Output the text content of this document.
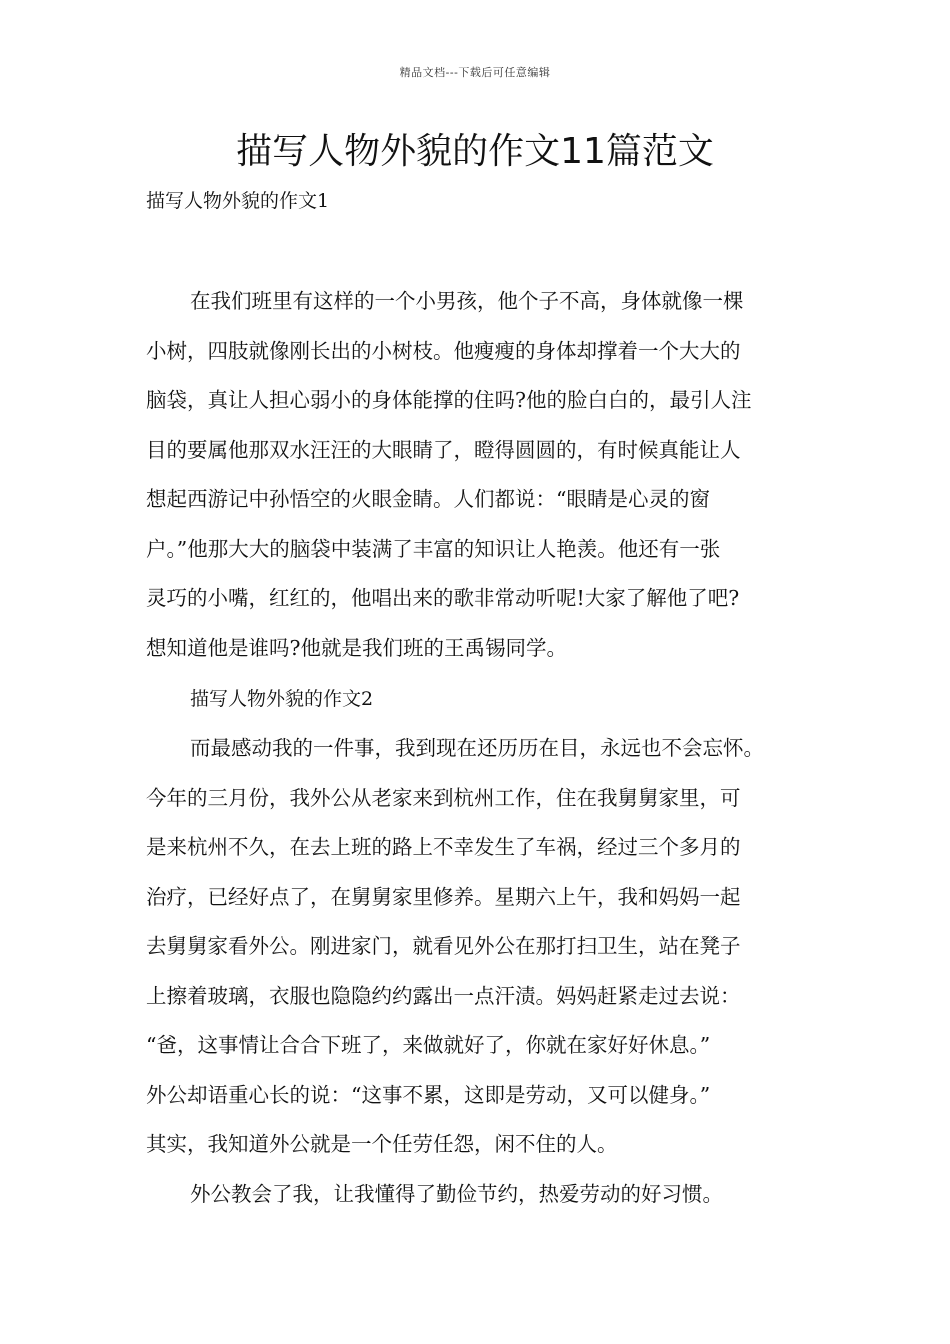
精品文档---下载后可任意编辑
描写人物外貌的作文11篇范文
描写人物外貌的作文1
在我们班里有这样的一个小男孩，他个子不高，身体就像一棵
小树，四肢就像刚长出的小树枝。他瘦瘦的身体却撑着一个大大的
脑袋，真让人担心弱小的身体能撑的住吗?他的脸白白的，最引人注
目的要属他那双水汪汪的大眼睛了，瞪得圆圆的，有时候真能让人
想起西游记中孙悟空的火眼金睛。人们都说：“眼睛是心灵的窗
户。”他那大大的脑袋中装满了丰富的知识让人艳羡。他还有一张
灵巧的小嘴，红红的，他唱出来的歌非常动听呢!大家了解他了吧?
想知道他是谁吗?他就是我们班的王禹锡同学。
描写人物外貌的作文2
而最感动我的一件事，我到现在还历历在目，永远也不会忘怀。
今年的三月份，我外公从老家来到杭州工作，住在我舅舅家里，可
是来杭州不久，在去上班的路上不幸发生了车祸，经过三个多月的
治疗，已经好点了，在舅舅家里修养。星期六上午，我和妈妈一起
去舅舅家看外公。刚进家门，就看见外公在那打扫卫生，站在凳子
上擦着玻璃，衣服也隐隐约约露出一点汗渍。妈妈赶紧走过去说：
“爸，这事情让合合下班了，来做就好了，你就在家好好休息。”
外公却语重心长的说：“这事不累，这即是劳动，又可以健身。”
其实，我知道外公就是一个任劳任怨，闲不住的人。
外公教会了我，让我懂得了勤俭节约，热爱劳动的好习惯。
